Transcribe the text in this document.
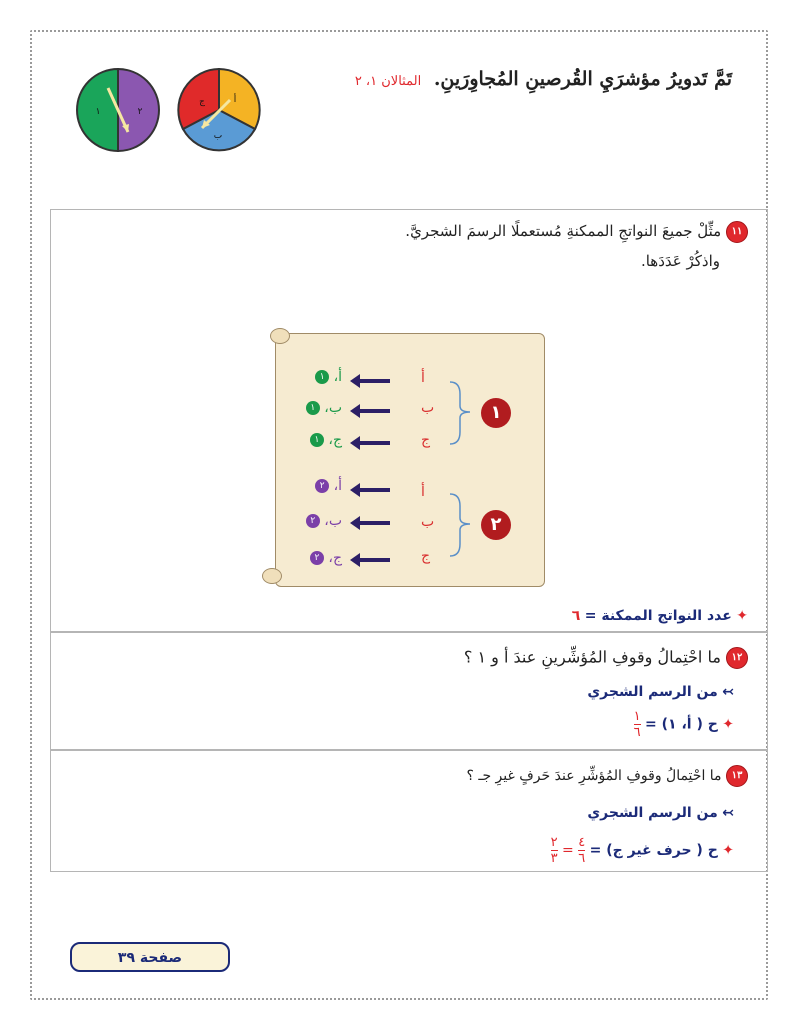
تَمَّ تَدويرُ مؤشرَيِ القُرصينِ المُجاوِرَينِ. المثالان ١، ٢
١	٢
أ
ب
ج
١١ مثِّلْ جميعَ النواتجِ الممكنةِ مُستعملًا الرسمَ الشجريَّ.
واذكُرْ عَدَدَها.
١
أ
ب
ج
أ، ١
ب، ١
ج، ١
٢
أ
ب
ج
أ، ٢
ب، ٢
ج، ٢
✦ عدد النواتج الممكنة = ٦
١٢ ما احْتِمالُ وقوفِ المُؤشِّرينِ عندَ أ و ١ ؟
↢ من الرسم الشجري
✦ ح ( أ، ١) =
$\frac{١}{٦}$
١٣ ما احْتِمالُ وقوفِ المُؤشِّرِ عندَ حَرفٍ غيرِ جـ ؟
↢ من الرسم الشجري
✦ ح ( حرف غير ج) =
$\frac{٤}{٦}$
=
$\frac{٢}{٣}$
صفحة ٣٩
